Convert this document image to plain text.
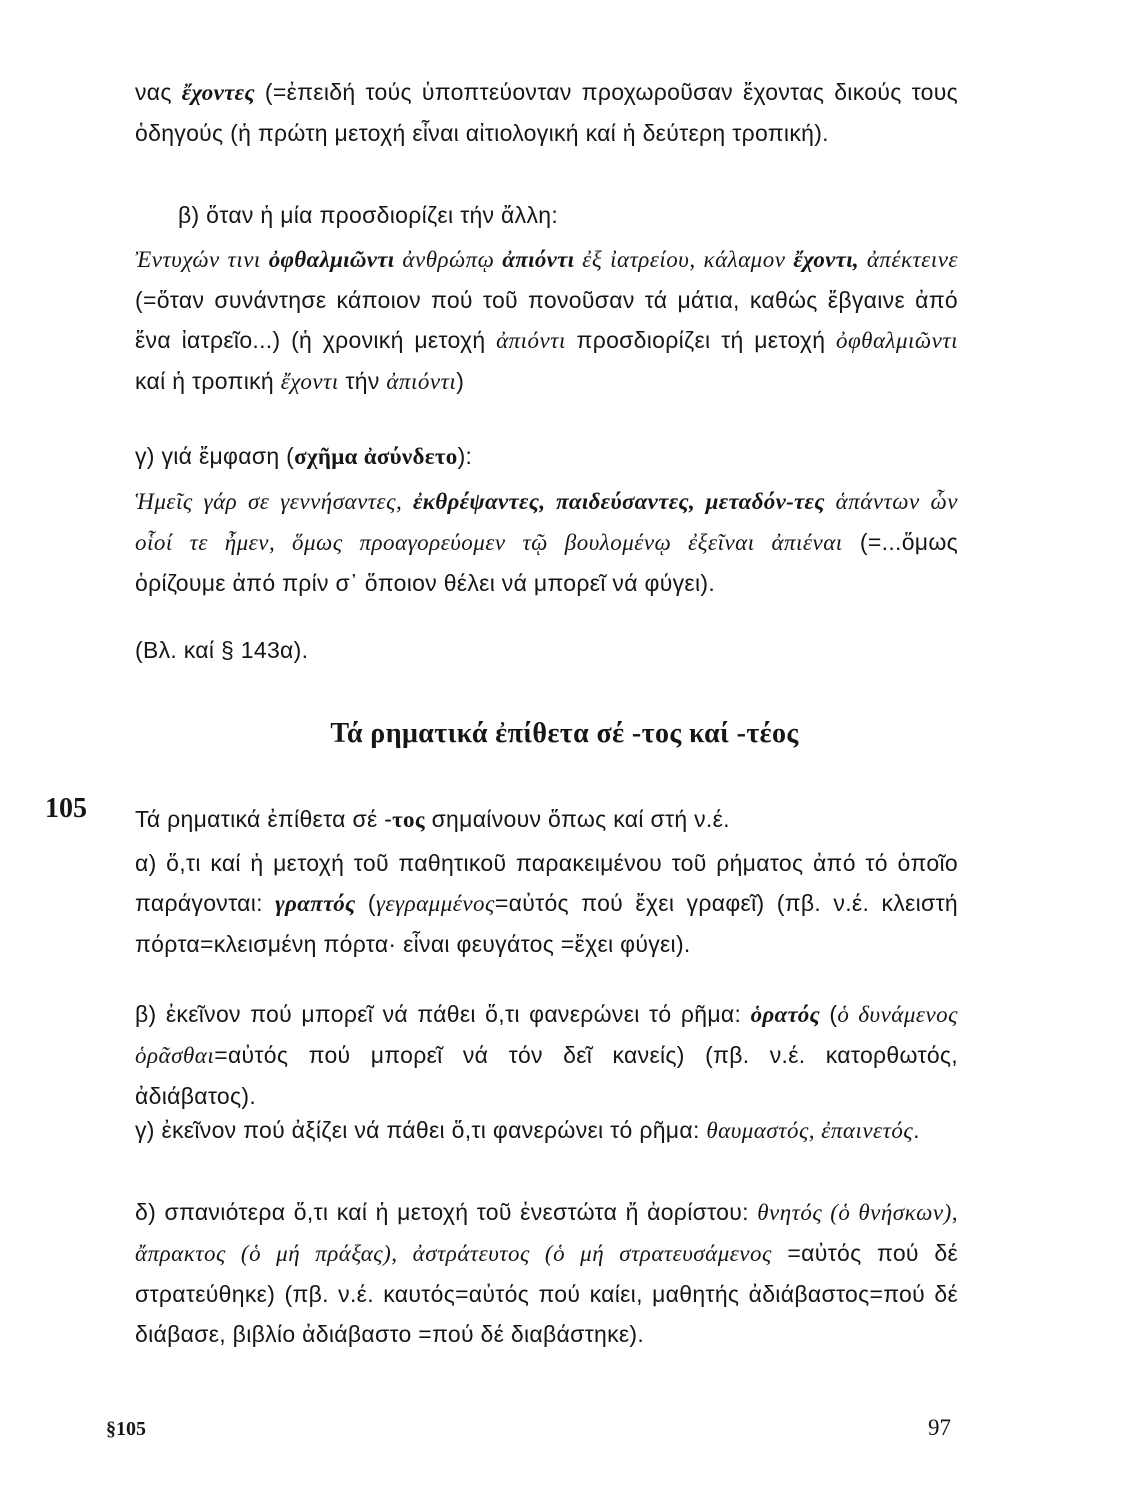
νας ἔχοντες (=ἐπειδή τούς ὑποπτεύονταν προχωροῦσαν ἔχοντας δικούς τους ὁδηγούς (ἡ πρώτη μετοχή εἶναι αἰτιολογική καί ἡ δεύτερη τροπική).

β) ὅταν ἡ μία προσδιορίζει τήν ἄλλη:

Ἐντυχών τινι ὀφθαλμιῶντι ἀνθρώπῳ ἀπιόντι ἐξ ἰατρείου, κάλαμον ἔχοντι, ἀπέκτεινε (=ὅταν συνάντησε κάποιον πού τοῦ πονοῦσαν τά μάτια, καθώς ἔβγαινε ἀπό ἕνα ἰατρεῖο...) (ἡ χρονική μετοχή ἀπιόντι προσδιορίζει τή μετοχή ὀφθαλμιῶντι καί ἡ τροπική ἔχοντι τήν ἀπιόντι)

γ) γιά ἔμφαση (σχῆμα ἀσύνδετο):

Ἡμεῖς γάρ σε γεννήσαντες, ἐκθρέψαντες, παιδεύσαντες, μεταδόν-τες ἁπάντων ὧν οἷοί τε ἦμεν, ὅμως προαγορεύομεν τῷ βουλομένῳ ἐξεῖναι ἀπιέναι (=...ὅμως ὁρίζουμε ἀπό πρίν σ᾽ ὅποιον θέλει νά μπορεῖ νά φύγει).

(Βλ. καί § 143α).

Τά ρηματικά ἐπίθετα σέ -τος καί -τέος
105 Τά ρηματικά ἐπίθετα σέ -τος σημαίνουν ὅπως καί στή ν.έ.

α) ὅ,τι καί ἡ μετοχή τοῦ παθητικοῦ παρακειμένου τοῦ ρήματος ἀπό τό ὁποῖο παράγονται: γραπτός (γεγραμμένος=αὐτός πού ἔχει γραφεῖ) (πβ. ν.έ. κλειστή πόρτα=κλεισμένη πόρτα· εἶναι φευγάτος =ἔχει φύγει).

β) ἐκεῖνον πού μπορεῖ νά πάθει ὅ,τι φανερώνει τό ρῆμα: ὁρατός (ὁ δυνάμενος ὁρᾶσθαι=αὐτός πού μπορεῖ νά τόν δεῖ κανείς) (πβ. ν.έ. κατορθωτός, ἀδιάβατος).

γ) ἐκεῖνον πού ἀξίζει νά πάθει ὅ,τι φανερώνει τό ρῆμα: θαυμαστός, ἐπαινετός.

δ) σπανιότερα ὅ,τι καί ἡ μετοχή τοῦ ἐνεστώτα ἤ ἀορίστου: θνητός (ὁ θνήσκων), ἄπρακτος (ὁ μή πράξας), ἀστράτευτος (ὁ μή στρατευσάμενος =αὐτός πού δέ στρατεύθηκε) (πβ. ν.έ. καυτός=αὐτός πού καίει, μαθητής ἀδιάβαστος=πού δέ διάβασε, βιβλίο ἀδιάβαστο =πού δέ διαβάστηκε).

§105	97
